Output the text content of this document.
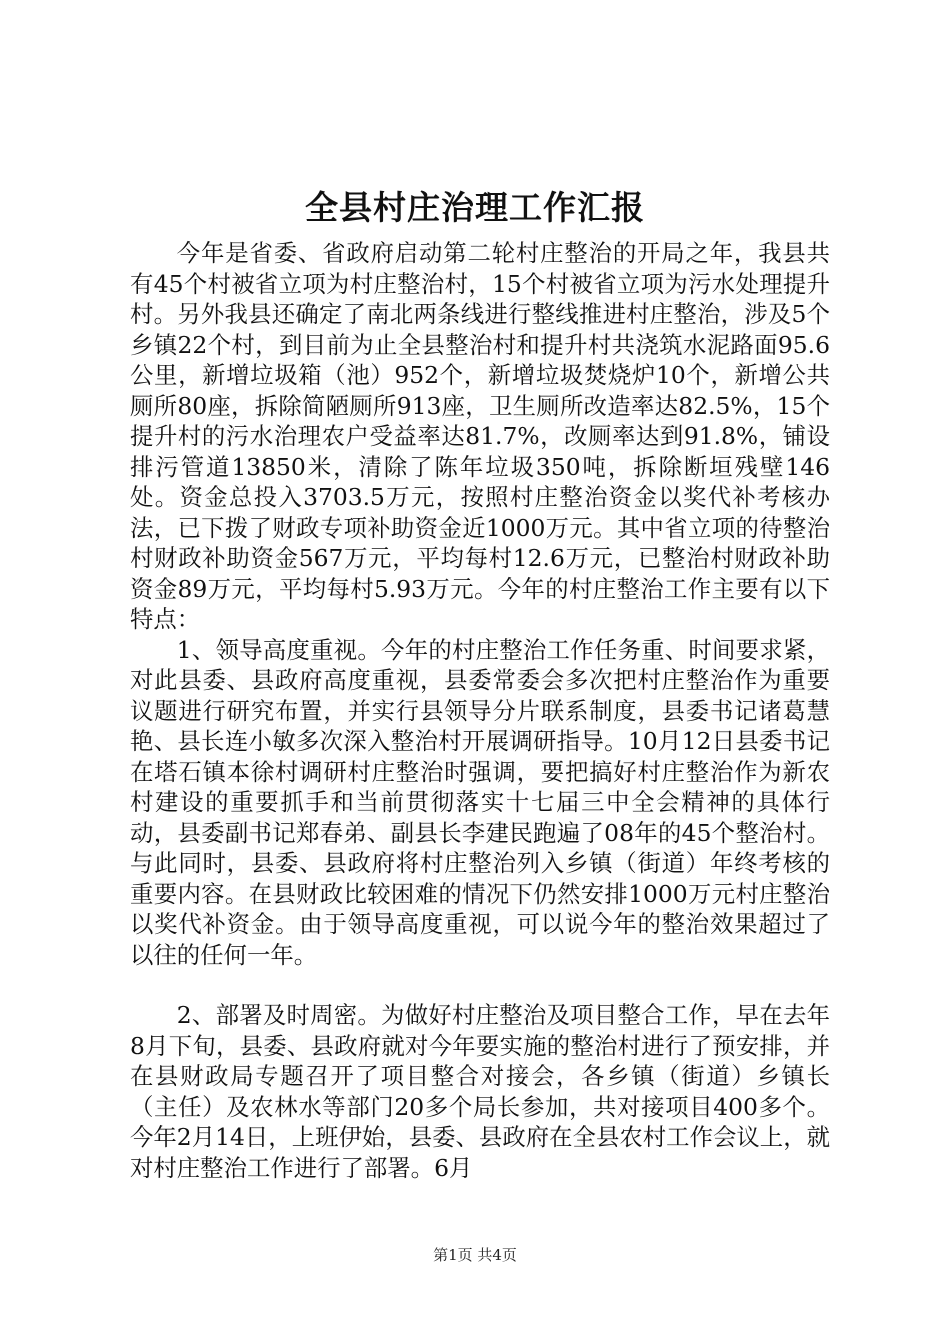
全县村庄治理工作汇报

今年是省委、省政府启动第二轮村庄整治的开局之年，我县共有45个村被省立项为村庄整治村，15个村被省立项为污水处理提升村。另外我县还确定了南北两条线进行整线推进村庄整治，涉及5个乡镇22个村，到目前为止全县整治村和提升村共浇筑水泥路面95.6公里，新增垃圾箱（池）952个，新增垃圾焚烧炉10个，新增公共厕所80座，拆除简陋厕所913座，卫生厕所改造率达82.5%，15个提升村的污水治理农户受益率达81.7%，改厕率达到91.8%，铺设排污管道13850米，清除了陈年垃圾350吨，拆除断垣残壁146处。资金总投入3703.5万元，按照村庄整治资金以奖代补考核办法，已下拨了财政专项补助资金近1000万元。其中省立项的待整治村财政补助资金567万元，平均每村12.6万元，已整治村财政补助资金89万元，平均每村5.93万元。今年的村庄整治工作主要有以下特点：

1、领导高度重视。今年的村庄整治工作任务重、时间要求紧，对此县委、县政府高度重视，县委常委会多次把村庄整治作为重要议题进行研究布置，并实行县领导分片联系制度，县委书记诸葛慧艳、县长连小敏多次深入整治村开展调研指导。10月12日县委书记在塔石镇本徐村调研村庄整治时强调，要把搞好村庄整治作为新农村建设的重要抓手和当前贯彻落实十七届三中全会精神的具体行动，县委副书记郑春弟、副县长李建民跑遍了08年的45个整治村。与此同时，县委、县政府将村庄整治列入乡镇（街道）年终考核的重要内容。在县财政比较困难的情况下仍然安排1000万元村庄整治以奖代补资金。由于领导高度重视，可以说今年的整治效果超过了以往的任何一年。

2、部署及时周密。为做好村庄整治及项目整合工作，早在去年8月下旬，县委、县政府就对今年要实施的整治村进行了预安排，并在县财政局专题召开了项目整合对接会，各乡镇（街道）乡镇长（主任）及农林水等部门20多个局长参加，共对接项目400多个。今年2月14日，上班伊始，县委、县政府在全县农村工作会议上，就对村庄整治工作进行了部署。6月

第1页 共4页
